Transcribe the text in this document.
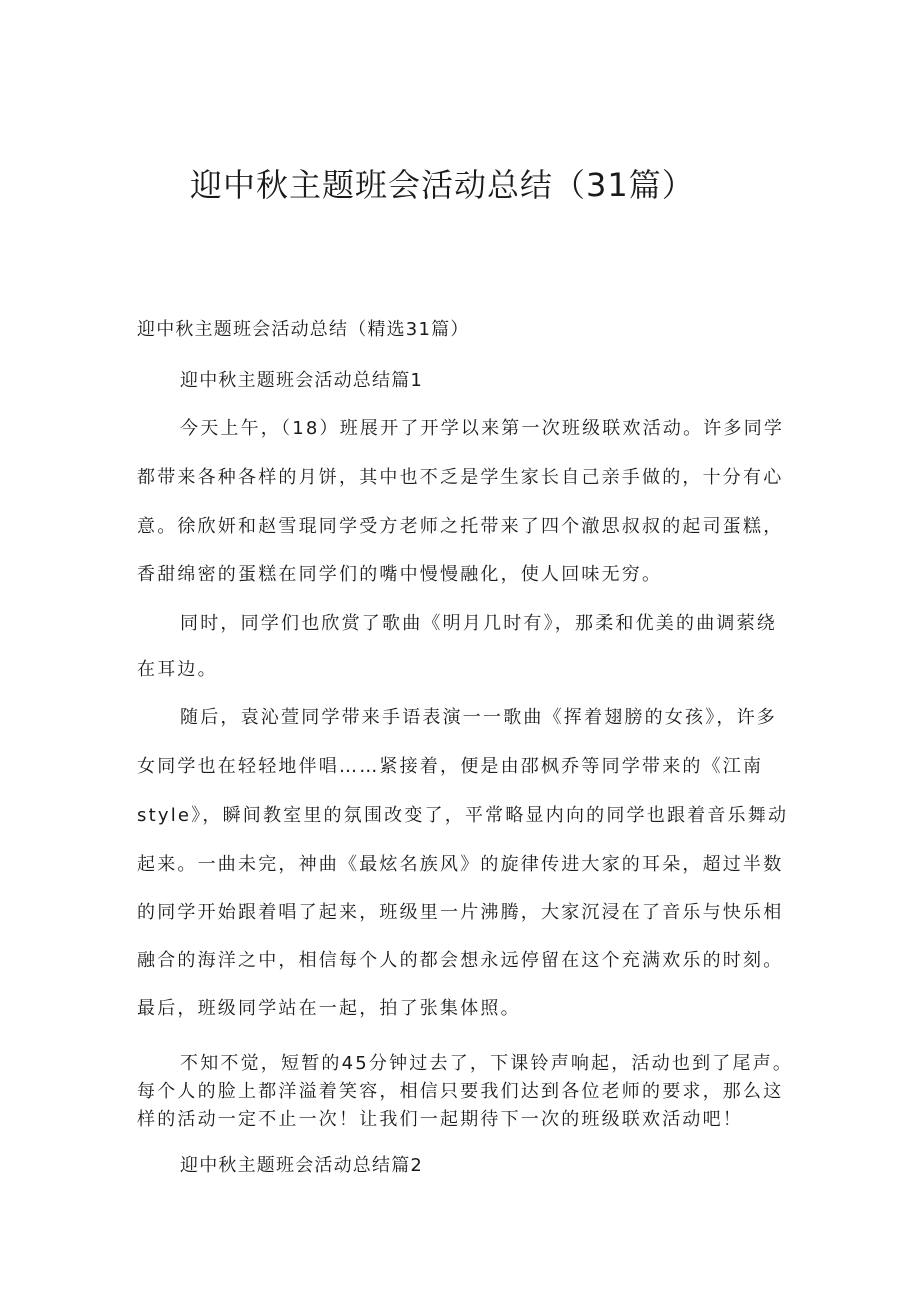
迎中秋主题班会活动总结（31篇）

迎中秋主题班会活动总结（精选31篇）

迎中秋主题班会活动总结篇1

今天上午，（18）班展开了开学以来第一次班级联欢活动。许多同学

都带来各种各样的月饼，其中也不乏是学生家长自己亲手做的，十分有心

意。徐欣妍和赵雪琨同学受方老师之托带来了四个澈思叔叔的起司蛋糕，

香甜绵密的蛋糕在同学们的嘴中慢慢融化，使人回味无穷。

同时，同学们也欣赏了歌曲《明月几时有》，那柔和优美的曲调萦绕

在耳边。

随后，袁沁萱同学带来手语表演一一歌曲《挥着翅膀的女孩》，许多

女同学也在轻轻地伴唱……紧接着，便是由邵枫乔等同学带来的《江南

style》，瞬间教室里的氛围改变了，平常略显内向的同学也跟着音乐舞动

起来。一曲未完，神曲《最炫名族风》的旋律传进大家的耳朵，超过半数

的同学开始跟着唱了起来，班级里一片沸腾，大家沉浸在了音乐与快乐相

融合的海洋之中，相信每个人的都会想永远停留在这个充满欢乐的时刻。

最后，班级同学站在一起，拍了张集体照。

不知不觉，短暂的45分钟过去了，下课铃声响起，活动也到了尾声。

每个人的脸上都洋溢着笑容，相信只要我们达到各位老师的要求，那么这

样的活动一定不止一次！让我们一起期待下一次的班级联欢活动吧！

迎中秋主题班会活动总结篇2
